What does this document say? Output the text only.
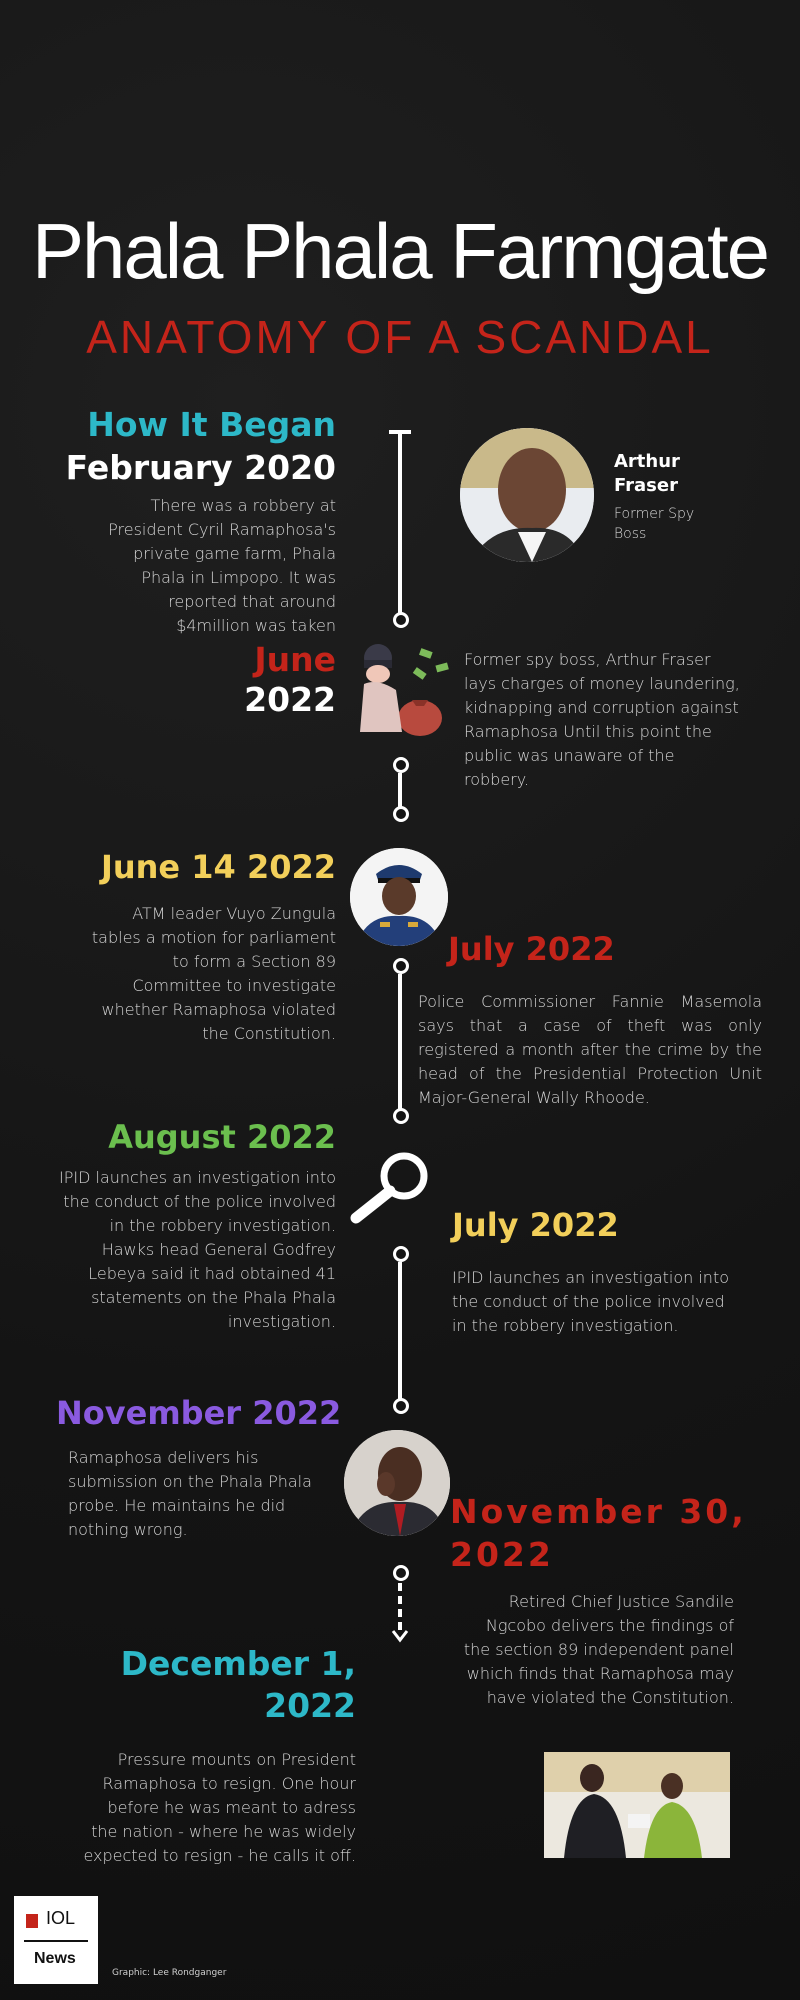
Phala Phala Farmgate
ANATOMY OF A SCANDAL
How It Began
February 2020
There was a robbery at President Cyril Ramaphosa's private game farm, Phala Phala in Limpopo. It was reported that around $4million was taken
Arthur Fraser
Former Spy Boss
June
2022
Former spy boss, Arthur Fraser lays charges of money laundering, kidnapping and corruption against Ramaphosa Until this point the public was unaware of the robbery.
June 14 2022
ATM leader Vuyo Zungula tables a motion for parliament to form a Section 89 Committee to investigate whether Ramaphosa violated the Constitution.
July 2022
Police Commissioner Fannie Masemola says that a case of theft was only registered a month after the crime by the head of the Presidential Protection Unit Major-General Wally Rhoode.
August 2022
IPID launches an investigation into the conduct of the police involved in the robbery investigation. Hawks head General Godfrey Lebeya said it had obtained 41 statements on the Phala Phala investigation.
July 2022
IPID launches an investigation into the conduct of the police involved in the robbery investigation.
November 2022
Ramaphosa delivers his submission on the Phala Phala probe. He maintains he did nothing wrong.	November 30,
2022
Retired Chief Justice Sandile Ngcobo delivers the findings of the section 89 independent panel which finds that Ramaphosa may have violated the Constitution.
December 1,
2022
Pressure mounts on President Ramaphosa to resign. One hour before he was meant to adress the nation - where he was widely expected to resign - he calls it off.
IOL
News
Graphic: Lee Rondganger
